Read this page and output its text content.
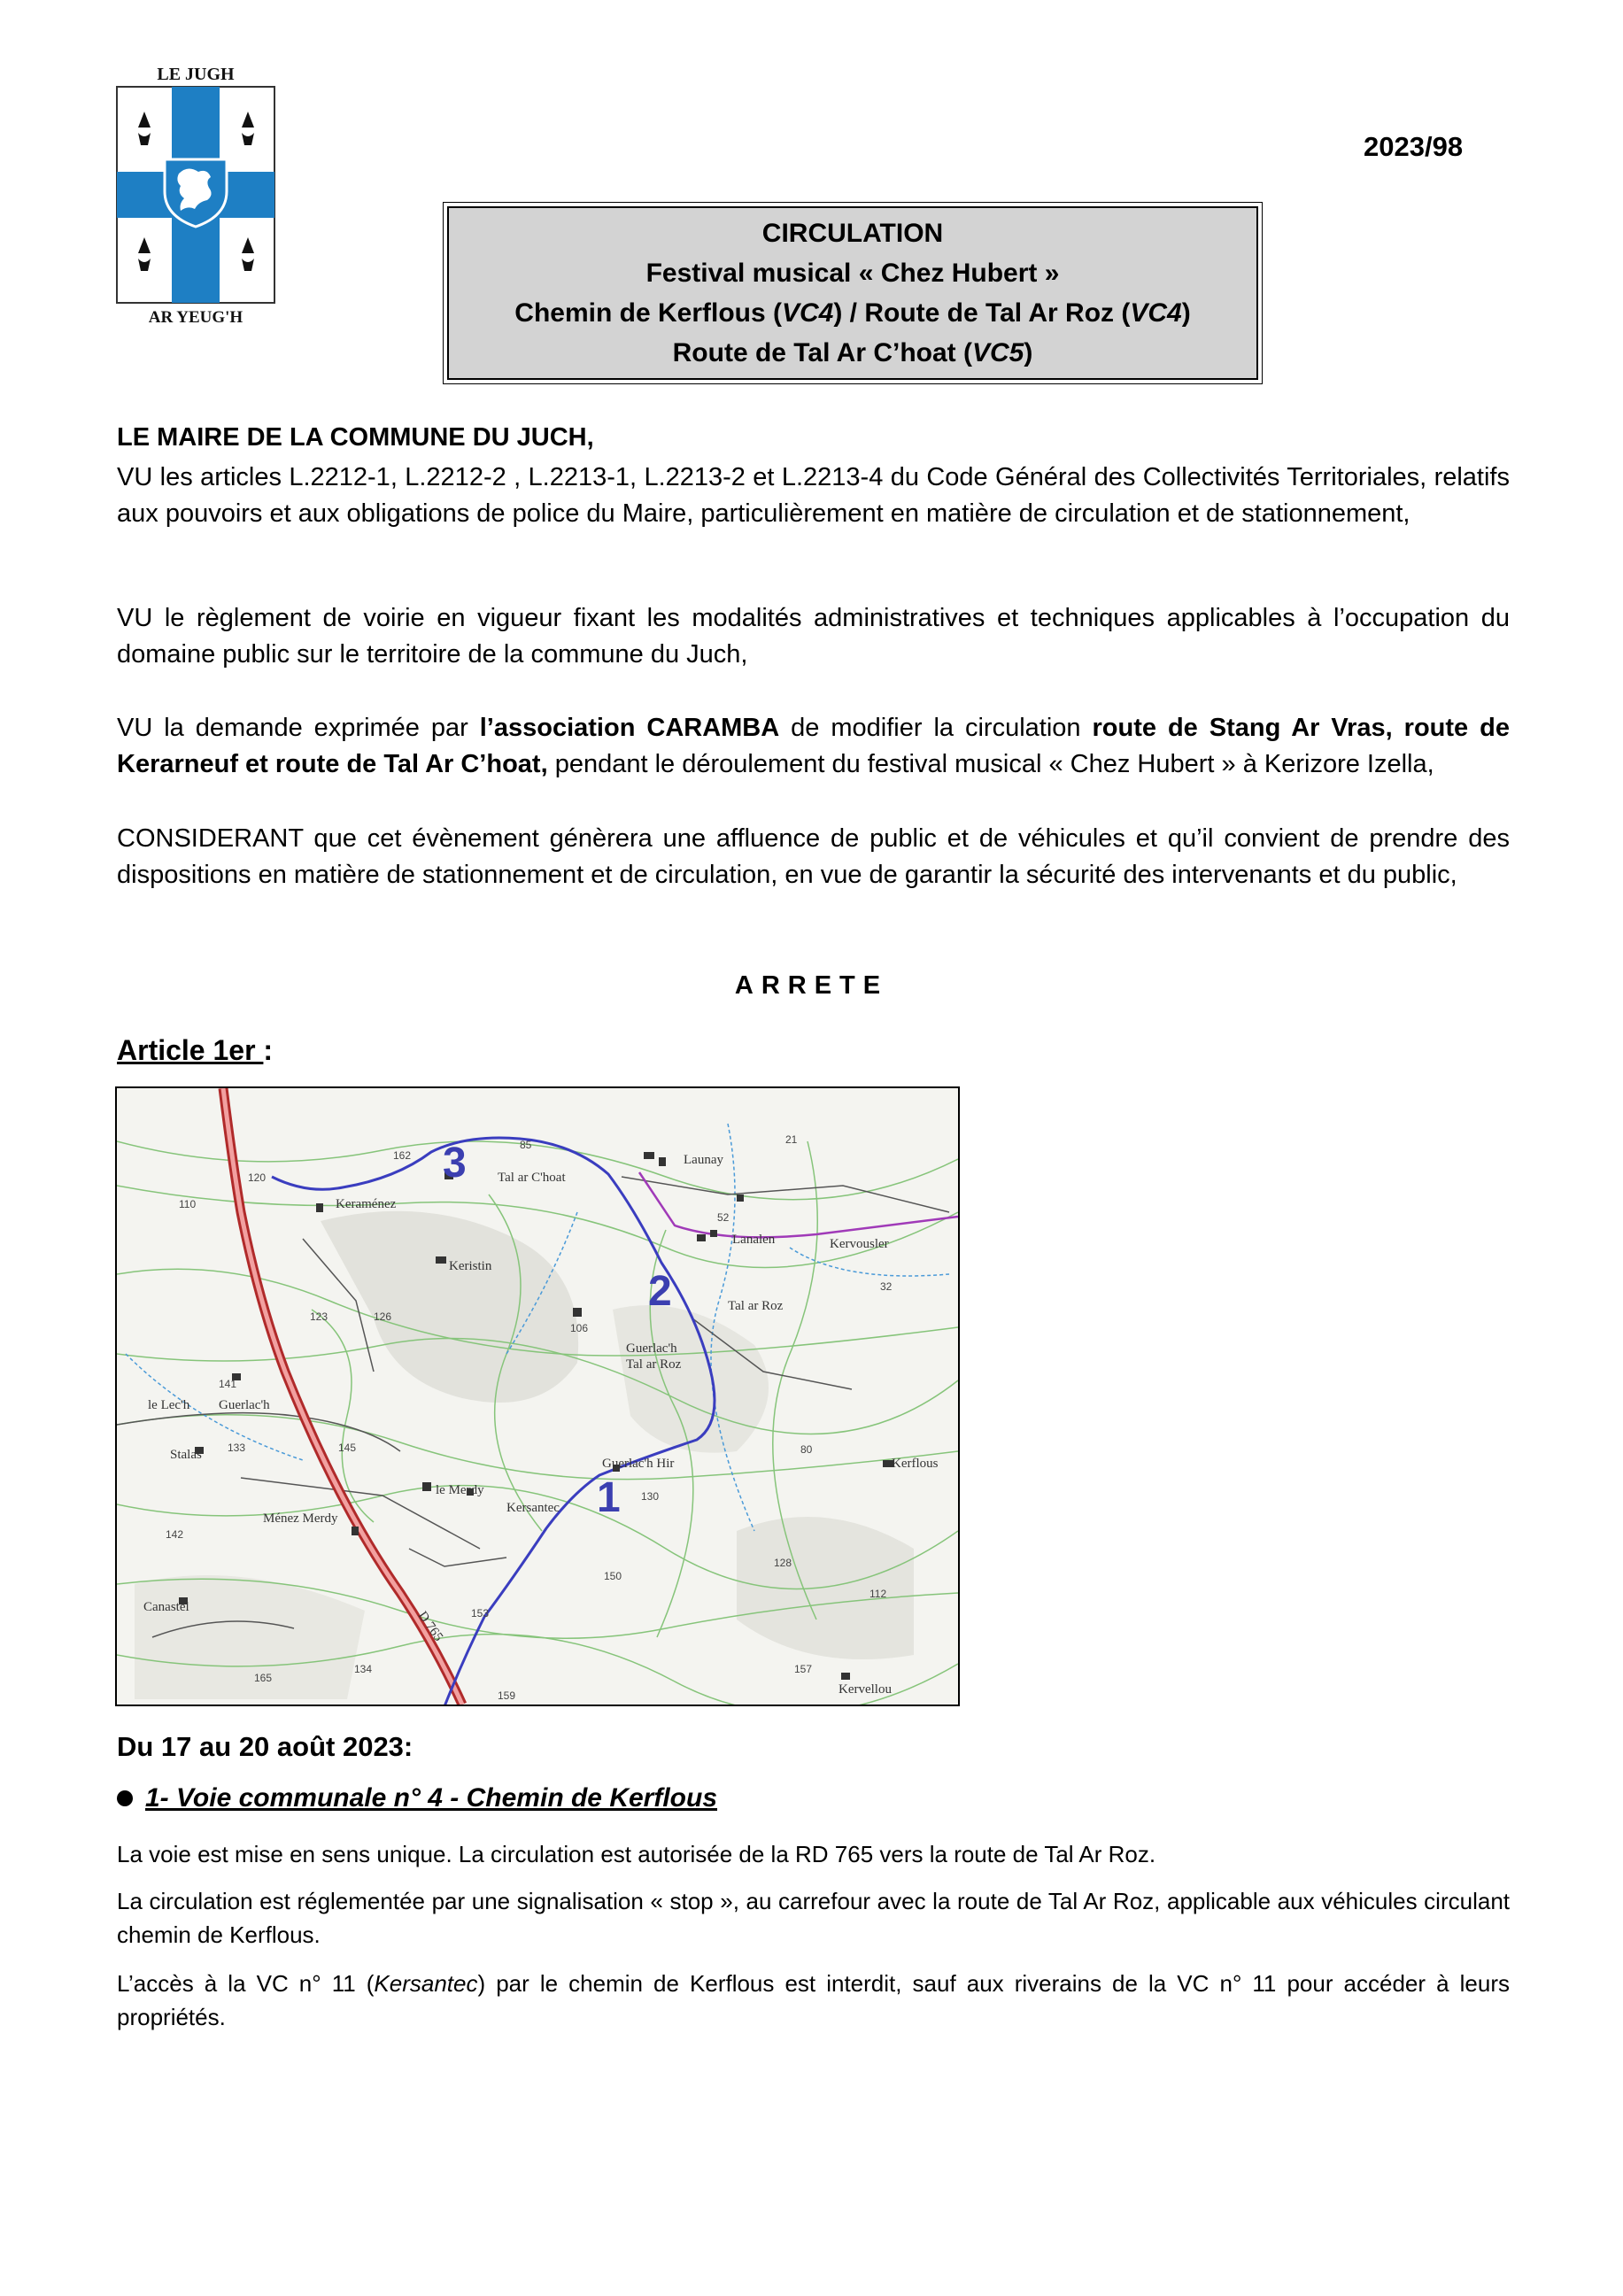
LE JUGH
AR YEUG'H
2023/98
CIRCULATION
Festival musical « Chez Hubert »
Chemin de Kerflous (VC4) / Route de Tal Ar Roz (VC4)
Route de Tal Ar C’hoat (VC5)
LE MAIRE DE LA COMMUNE DU JUCH,
VU les articles L.2212-1, L.2212-2 , L.2213-1, L.2213-2 et L.2213-4 du Code Général des Collectivités Territoriales, relatifs aux pouvoirs et aux obligations de police du Maire, particulièrement en matière de circulation et de stationnement,
VU le règlement de voirie en vigueur fixant les modalités administratives et techniques applicables à l’occupation du domaine public sur le territoire de la commune du Juch,
VU la demande exprimée par l’association CARAMBA de modifier la circulation route de Stang Ar Vras, route de Kerarneuf et route de Tal Ar C’hoat, pendant le déroulement du festival musical « Chez Hubert » à Kerizore Izella,
CONSIDERANT que cet évènement génèrera une affluence de public et de véhicules et qu’il convient de prendre des dispositions en matière de stationnement et de circulation, en vue de garantir la sécurité des intervenants et du public,
ARRETE
Article 1er :
Launay
Tal ar C'hoat
Keraménez
Keristin
Lanalen	Kervousler
Tal ar Roz
Guerlac'h
Tal ar Roz
le Lec'h Guerlac'h
Stalas
le Merdy
Kersantec
Guerlac'h Hir	Kerflous
Ménez Merdy
Canastel
Kervellou
D 765
120
110
162
85	21
52
32
123	126
106
141
133	145
142
130
80
128
150
153
112
134
165
159
157
3
2
1
Du 17 au 20 août 2023:
1- Voie communale n° 4 - Chemin de Kerflous
La voie est mise en sens unique. La circulation est autorisée de la RD 765 vers la route de Tal Ar Roz.
La circulation est réglementée par une signalisation « stop », au carrefour avec la route de Tal Ar Roz, applicable aux véhicules circulant chemin de Kerflous.
L’accès à la VC n° 11 (Kersantec) par le chemin de Kerflous est interdit, sauf aux riverains de la VC n° 11 pour accéder à leurs propriétés.
